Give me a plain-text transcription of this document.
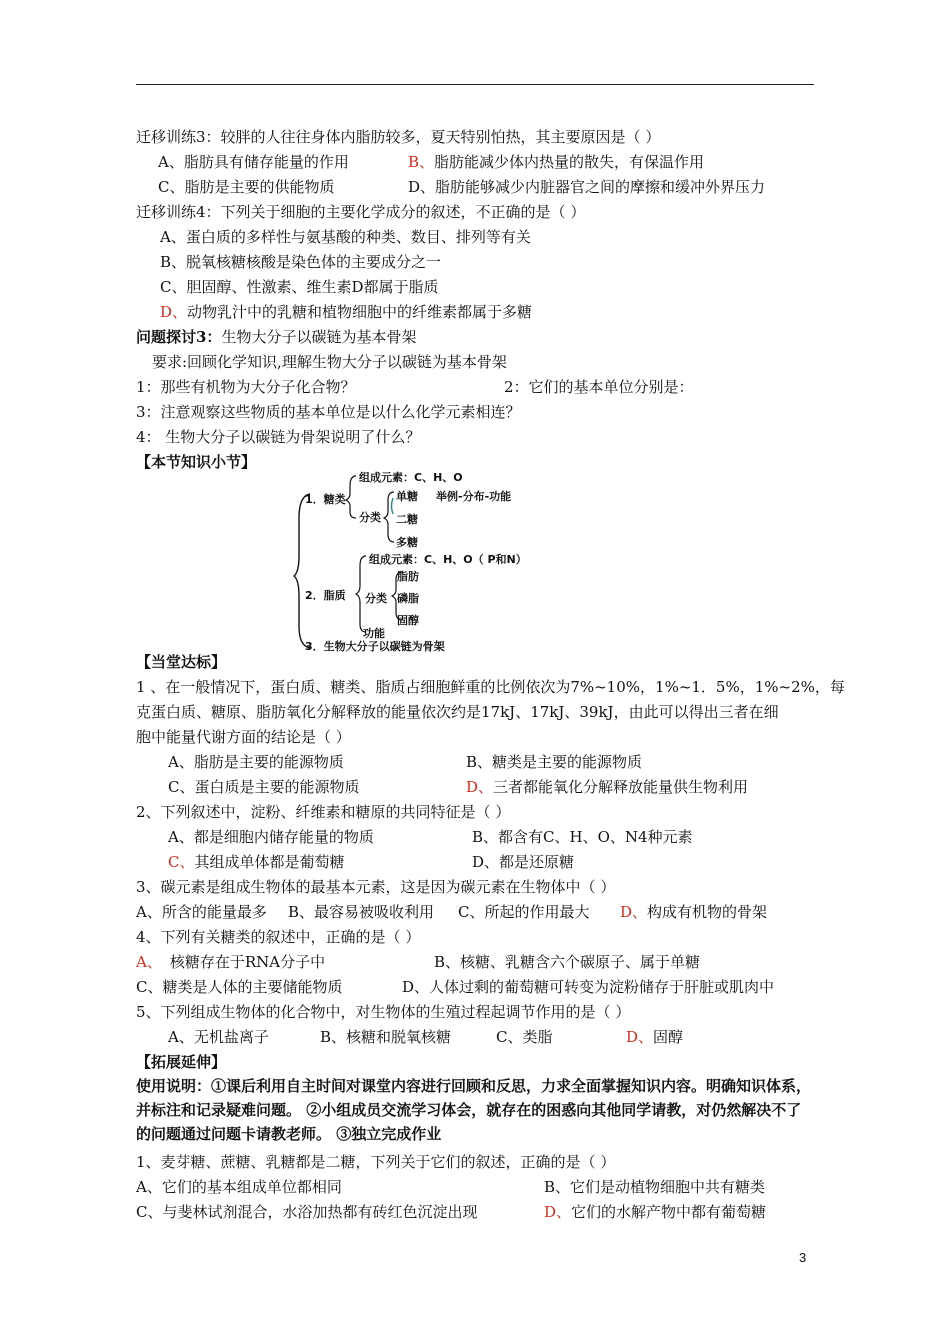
迁移训练3：较胖的人往往身体内脂肪较多，夏天特别怕热，其主要原因是（ ）
A、脂肪具有储存能量的作用	B、脂肪能减少体内热量的散失，有保温作用
C、脂肪是主要的供能物质	D、脂肪能够减少内脏器官之间的摩擦和缓冲外界压力
迁移训练4：下列关于细胞的主要化学成分的叙述，不正确的是（ ）
A、蛋白质的多样性与氨基酸的种类、数目、排列等有关
B、脱氧核糖核酸是染色体的主要成分之一
C、胆固醇、性激素、维生素D都属于脂质
D、动物乳汁中的乳糖和植物细胞中的纤维素都属于多糖
问题探讨3：生物大分子以碳链为基本骨架
要求:回顾化学知识,理解生物大分子以碳链为基本骨架
1：那些有机物为大分子化合物？	2：它们的基本单位分别是：
3：注意观察这些物质的基本单位是以什么化学元素相连？
4： 生物大分子以碳链为骨架说明了什么？
【本节知识小节】
组成元素：C、H、O
1．糖类	单糖 举例-分布-功能
分类 二糖
多糖
组成元素：C、H、O（ P和N）
脂肪
2．脂质 分类 磷脂
固醇
功能
3．生物大分子以碳链为骨架
【当堂达标】
1 、在一般情况下，蛋白质、糖类、脂质占细胞鲜重的比例依次为7%~10%，1%~1．5%，1%~2%，每
克蛋白质、糖原、脂肪氧化分解释放的能量依次约是17kJ、17kJ、39kJ，由此可以得出三者在细
胞中能量代谢方面的结论是（ ）
A、脂肪是主要的能源物质	B、糖类是主要的能源物质
C、蛋白质是主要的能源物质	D、三者都能氧化分解释放能量供生物利用
2、下列叙述中，淀粉、纤维素和糖原的共同特征是（ ）
A、都是细胞内储存能量的物质	B、都含有C、H、O、N4种元素
C、其组成单体都是葡萄糖	D、都是还原糖
3、碳元素是组成生物体的最基本元素，这是因为碳元素在生物体中（ ）
A、所含的能量最多 B、最容易被吸收利用 C、所起的作用最大 D、构成有机物的骨架
4、下列有关糖类的叙述中，正确的是（ ）
A、 核糖存在于RNA分子中	B、核糖、乳糖含六个碳原子、属于单糖
C、糖类是人体的主要储能物质	D、人体过剩的葡萄糖可转变为淀粉储存于肝脏或肌肉中
5、下列组成生物体的化合物中，对生物体的生殖过程起调节作用的是（ ）
A、无机盐离子	B、核糖和脱氧核糖	C、类脂	D、固醇
【拓展延伸】
使用说明：①课后利用自主时间对课堂内容进行回顾和反思，力求全面掌握知识内容。明确知识体系，并标注和记录疑难问题。 ②小组成员交流学习体会，就存在的困惑向其他同学请教，对仍然解决不了的问题通过问题卡请教老师。 ③独立完成作业
1、麦芽糖、蔗糖、乳糖都是二糖，下列关于它们的叙述，正确的是（ ）
A、它们的基本组成单位都相同	B、它们是动植物细胞中共有糖类
C、与斐林试剂混合，水浴加热都有砖红色沉淀出现	D、它们的水解产物中都有葡萄糖
3
